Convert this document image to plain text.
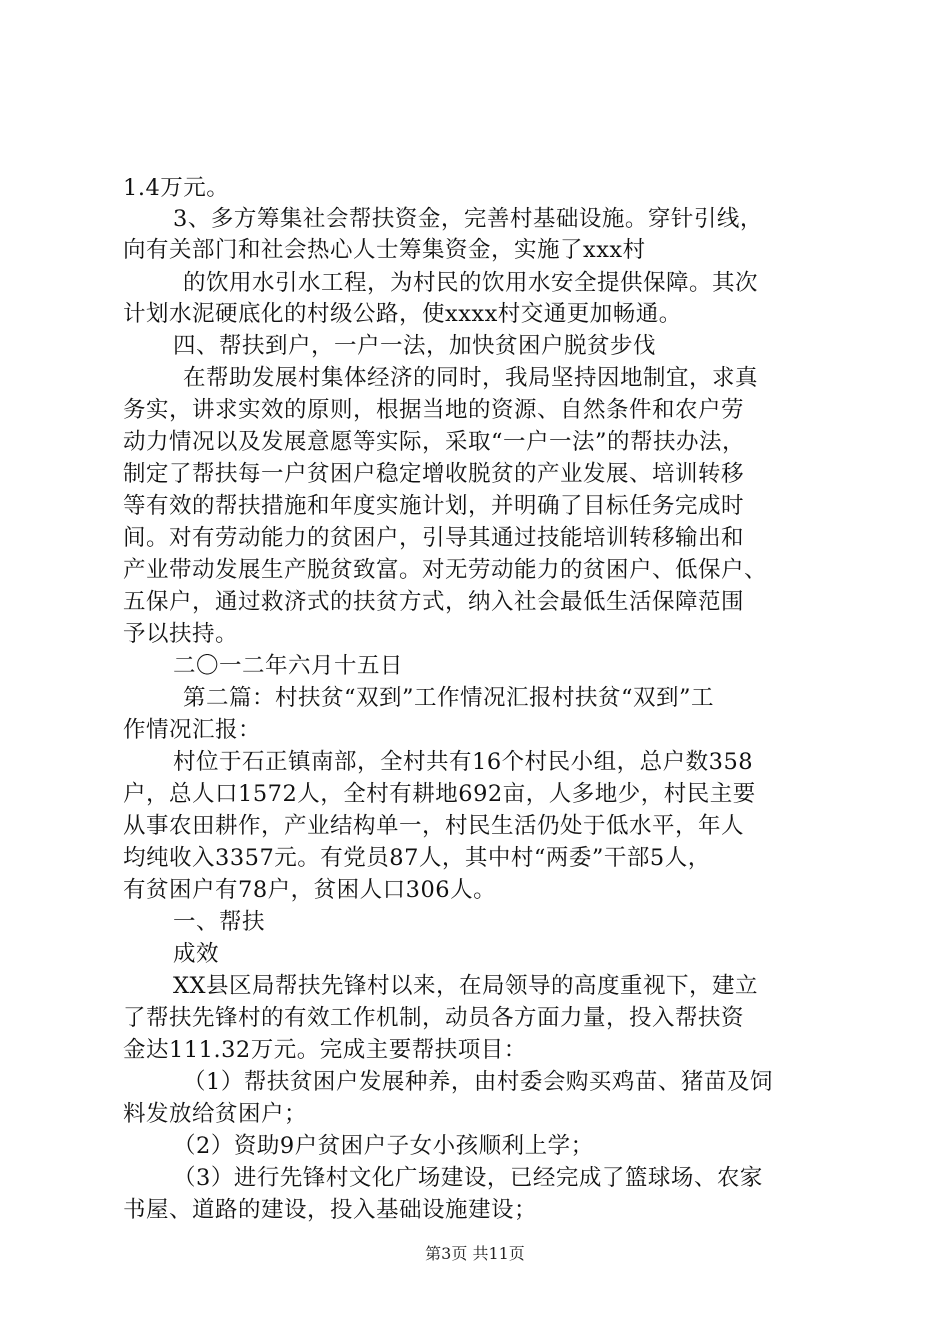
1.4万元。
3、多方筹集社会帮扶资金，完善村基础设施。穿针引线，
向有关部门和社会热心人士筹集资金，实施了xxx村
的饮用水引水工程，为村民的饮用水安全提供保障。其次
计划水泥硬底化的村级公路，使xxxx村交通更加畅通。
四、帮扶到户，一户一法，加快贫困户脱贫步伐
在帮助发展村集体经济的同时，我局坚持因地制宜，求真
务实，讲求实效的原则，根据当地的资源、自然条件和农户劳
动力情况以及发展意愿等实际，采取“一户一法”的帮扶办法，
制定了帮扶每一户贫困户稳定增收脱贫的产业发展、培训转移
等有效的帮扶措施和年度实施计划，并明确了目标任务完成时
间。对有劳动能力的贫困户，引导其通过技能培训转移输出和
产业带动发展生产脱贫致富。对无劳动能力的贫困户、低保户、
五保户，通过救济式的扶贫方式，纳入社会最低生活保障范围
予以扶持。
二〇一二年六月十五日
第二篇：村扶贫“双到”工作情况汇报村扶贫“双到”工
作情况汇报：
村位于石正镇南部，全村共有16个村民小组，总户数358
户，总人口1572人，全村有耕地692亩，人多地少，村民主要
从事农田耕作，产业结构单一，村民生活仍处于低水平，年人
均纯收入3357元。有党员87人，其中村“两委”干部5人，
有贫困户有78户，贫困人口306人。
一、帮扶
成效
XX县区局帮扶先锋村以来，在局领导的高度重视下，建立
了帮扶先锋村的有效工作机制，动员各方面力量，投入帮扶资
金达111.32万元。完成主要帮扶项目：
（1）帮扶贫困户发展种养，由村委会购买鸡苗、猪苗及饲
料发放给贫困户；
（2）资助9户贫困户子女小孩顺利上学；
（3）进行先锋村文化广场建设，已经完成了篮球场、农家
书屋、道路的建设，投入基础设施建设；
第3页 共11页
